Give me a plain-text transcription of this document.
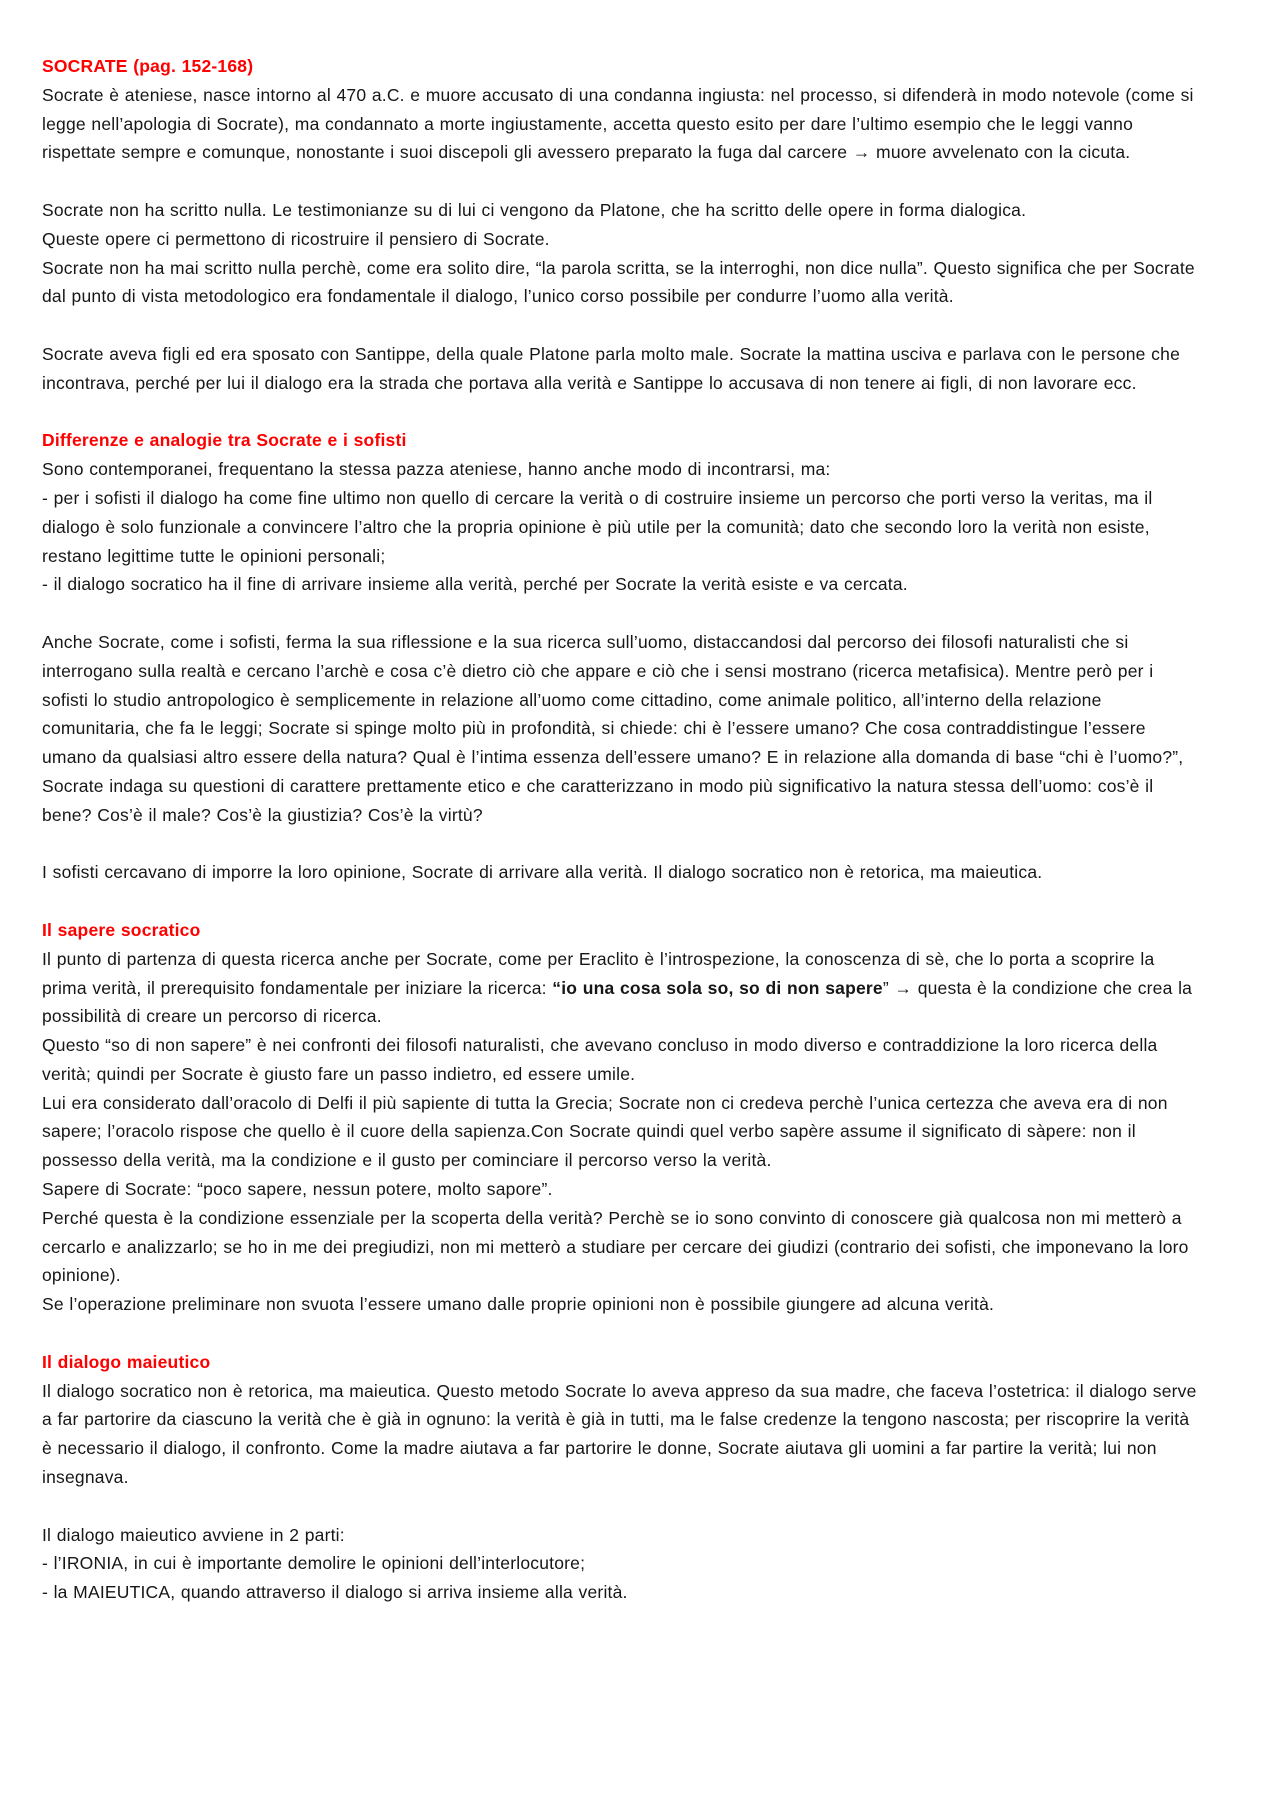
SOCRATE (pag. 152-168)
Socrate è ateniese, nasce intorno al 470 a.C. e muore accusato di una condanna ingiusta: nel processo, si difenderà in modo notevole (come si legge nell’apologia di Socrate), ma condannato a morte ingiustamente, accetta questo esito per dare l’ultimo esempio che le leggi vanno rispettate sempre e comunque, nonostante i suoi discepoli gli avessero preparato la fuga dal carcere → muore avvelenato con la cicuta.
Socrate non ha scritto nulla. Le testimonianze su di lui ci vengono da Platone, che ha scritto delle opere in forma dialogica.
Queste opere ci permettono di ricostruire il pensiero di Socrate.
Socrate non ha mai scritto nulla perchè, come era solito dire, “la parola scritta, se la interroghi, non dice nulla”. Questo significa che per Socrate dal punto di vista metodologico era fondamentale il dialogo, l’unico corso possibile per condurre l’uomo alla verità.
Socrate aveva figli ed era sposato con Santippe, della quale Platone parla molto male. Socrate la mattina usciva e parlava con le persone che incontrava, perché per lui il dialogo era la strada che portava alla verità e Santippe lo accusava di non tenere ai figli, di non lavorare ecc.
Differenze e analogie tra Socrate e i sofisti
Sono contemporanei, frequentano la stessa pazza ateniese, hanno anche modo di incontrarsi, ma:
- per i sofisti il dialogo ha come fine ultimo non quello di cercare la verità o di costruire insieme un percorso che porti verso la veritas, ma il dialogo è solo funzionale a convincere l’altro che la propria opinione è più utile per la comunità; dato che secondo loro la verità non esiste, restano legittime tutte le opinioni personali;
- il dialogo socratico ha il fine di arrivare insieme alla verità, perché per Socrate la verità esiste e va cercata.
Anche Socrate, come i sofisti, ferma la sua riflessione e la sua ricerca sull’uomo, distaccandosi dal percorso dei filosofi naturalisti che si interrogano sulla realtà e cercano l’archè e cosa c’è dietro ciò che appare e ciò che i sensi mostrano (ricerca metafisica). Mentre però per i sofisti lo studio antropologico è semplicemente in relazione all’uomo come cittadino, come animale politico, all’interno della relazione comunitaria, che fa le leggi; Socrate si spinge molto più in profondità, si chiede: chi è l’essere umano? Che cosa contraddistingue l’essere umano da qualsiasi altro essere della natura? Qual è l’intima essenza dell’essere umano? E in relazione alla domanda di base “chi è l’uomo?”, Socrate indaga su questioni di carattere prettamente etico e che caratterizzano in modo più significativo la natura stessa dell’uomo: cos’è il bene? Cos’è il male? Cos’è la giustizia? Cos’è la virtù?
I sofisti cercavano di imporre la loro opinione, Socrate di arrivare alla verità. Il dialogo socratico non è retorica, ma maieutica.
Il sapere socratico
Il punto di partenza di questa ricerca anche per Socrate, come per Eraclito è l’introspezione, la conoscenza di sè, che lo porta a scoprire la prima verità, il prerequisito fondamentale per iniziare la ricerca: “io una cosa sola so, so di non sapere” → questa è la condizione che crea la possibilità di creare un percorso di ricerca.
Questo “so di non sapere” è nei confronti dei filosofi naturalisti, che avevano concluso in modo diverso e contraddizione la loro ricerca della verità; quindi per Socrate è giusto fare un passo indietro, ed essere umile.
Lui era considerato dall’oracolo di Delfi il più sapiente di tutta la Grecia; Socrate non ci credeva perchè l’unica certezza che aveva era di non sapere; l’oracolo rispose che quello è il cuore della sapienza.Con Socrate quindi quel verbo sapère assume il significato di sàpere: non il possesso della verità, ma la condizione e il gusto per cominciare il percorso verso la verità.
Sapere di Socrate: “poco sapere, nessun potere, molto sapore”.
Perché questa è la condizione essenziale per la scoperta della verità? Perchè se io sono convinto di conoscere già qualcosa non mi metterò a cercarlo e analizzarlo; se ho in me dei pregiudizi, non mi metterò a studiare per cercare dei giudizi (contrario dei sofisti, che imponevano la loro opinione).
Se l’operazione preliminare non svuota l’essere umano dalle proprie opinioni non è possibile giungere ad alcuna verità.
Il dialogo maieutico
Il dialogo socratico non è retorica, ma maieutica. Questo metodo Socrate lo aveva appreso da sua madre, che faceva l’ostetrica: il dialogo serve a far partorire da ciascuno la verità che è già in ognuno: la verità è già in tutti, ma le false credenze la tengono nascosta; per riscoprire la verità è necessario il dialogo, il confronto. Come la madre aiutava a far partorire le donne, Socrate aiutava gli uomini a far partire la verità; lui non insegnava.
Il dialogo maieutico avviene in 2 parti:
- l’IRONIA, in cui è importante demolire le opinioni dell’interlocutore;
- la MAIEUTICA, quando attraverso il dialogo si arriva insieme alla verità.
